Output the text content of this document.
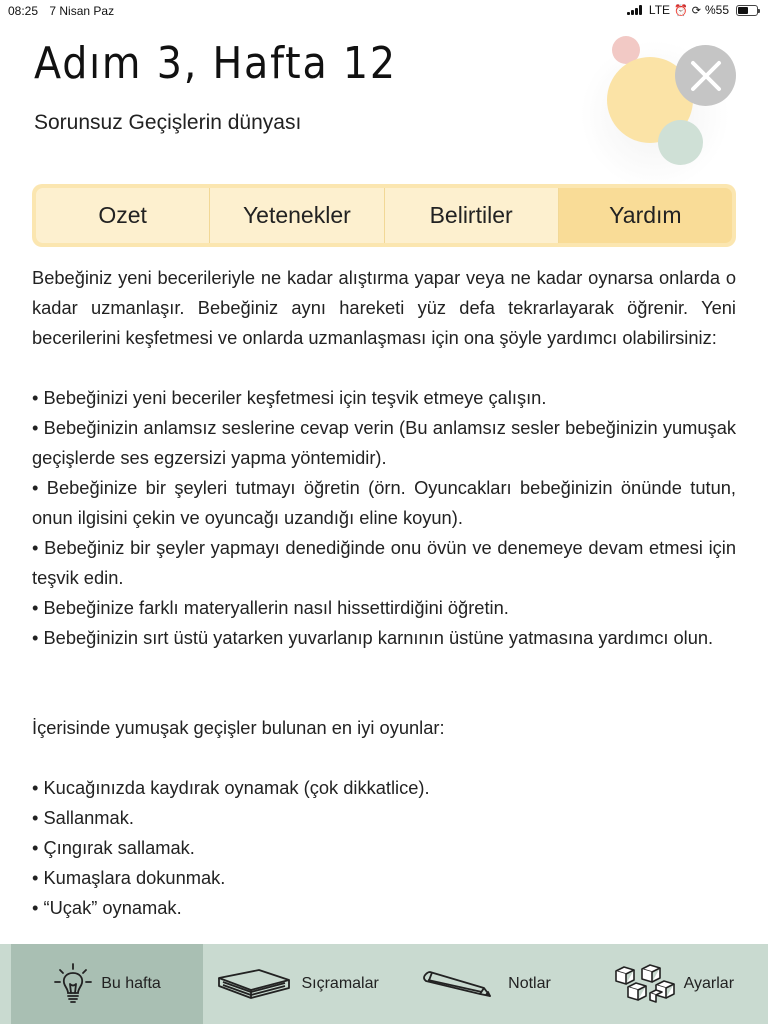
08:25 7 Nisan Paz	LTE ⏰ ⟳ %55
Adım 3, Hafta 12
Sorunsuz Geçişlerin dünyası
Ozet	Yetenekler	Belirtiler	Yardım

Bebeğiniz yeni becerileriyle ne kadar alıştırma yapar veya ne kadar oynarsa onlarda o kadar uzmanlaşır. Bebeğiniz aynı hareketi yüz defa tekrarlayarak öğrenir. Yeni becerilerini keşfetmesi ve onlarda uzmanlaşması için ona şöyle yardımcı olabilirsiniz:

• Bebeğinizi yeni beceriler keşfetmesi için teşvik etmeye çalışın.
• Bebeğinizin anlamsız seslerine cevap verin (Bu anlamsız sesler bebeğinizin yumuşak geçişlerde ses egzersizi yapma yöntemidir).
• Bebeğinize bir şeyleri tutmayı öğretin (örn. Oyuncakları bebeğinizin önünde tutun, onun ilgisini çekin ve oyuncağı uzandığı eline koyun).
• Bebeğiniz bir şeyler yapmayı denediğinde onu övün ve denemeye devam etmesi için teşvik edin.
• Bebeğinize farklı materyallerin nasıl hissettirdiğini öğretin.
• Bebeğinizin sırt üstü yatarken yuvarlanıp karnının üstüne yatmasına yardımcı olun.

İçerisinde yumuşak geçişler bulunan en iyi oyunlar:

• Kucağınızda kaydırak oynamak (çok dikkatlice).
• Sallanmak.
• Çıngırak sallamak.
• Kumaşlara dokunmak.
• “Uçak” oynamak.
Bu hafta	Sıçramalar	Notlar	Ayarlar
